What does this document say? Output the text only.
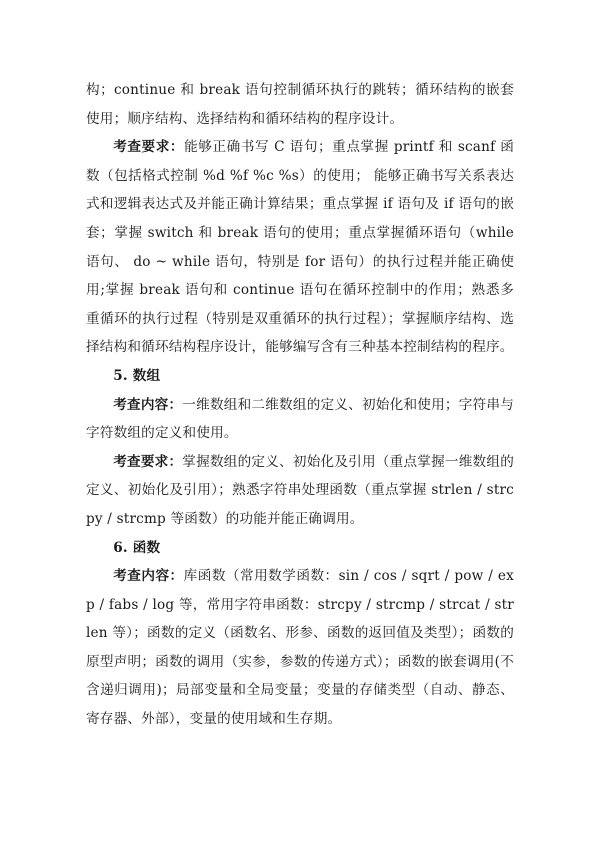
构；continue 和 break 语句控制循环执行的跳转；循环结构的嵌套使用；顺序结构、选择结构和循环结构的程序设计。

考查要求：能够正确书写 C 语句；重点掌握 printf 和 scanf 函数（包括格式控制 %d %f %c %s）的使用； 能够正确书写关系表达式和逻辑表达式及并能正确计算结果；重点掌握 if 语句及 if 语句的嵌套；掌握 switch 和 break 语句的使用；重点掌握循环语句（while 语句、 do ~ while 语句，特别是 for 语句）的执行过程并能正确使用;掌握 break 语句和 continue 语句在循环控制中的作用；熟悉多重循环的执行过程（特别是双重循环的执行过程）；掌握顺序结构、选择结构和循环结构程序设计，能够编写含有三种基本控制结构的程序。

5. 数组

考查内容：一维数组和二维数组的定义、初始化和使用；字符串与字符数组的定义和使用。

考查要求：掌握数组的定义、初始化及引用（重点掌握一维数组的定义、初始化及引用）；熟悉字符串处理函数（重点掌握 strlen / strcpy / strcmp 等函数）的功能并能正确调用。

6. 函数

考查内容：库函数（常用数学函数：sin / cos / sqrt / pow / exp / fabs / log 等，常用字符串函数：strcpy / strcmp / strcat / strlen 等）；函数的定义（函数名、形参、函数的返回值及类型）；函数的原型声明；函数的调用（实参，参数的传递方式）；函数的嵌套调用(不含递归调用)；局部变量和全局变量；变量的存储类型（自动、静态、寄存器、外部），变量的使用域和生存期。
